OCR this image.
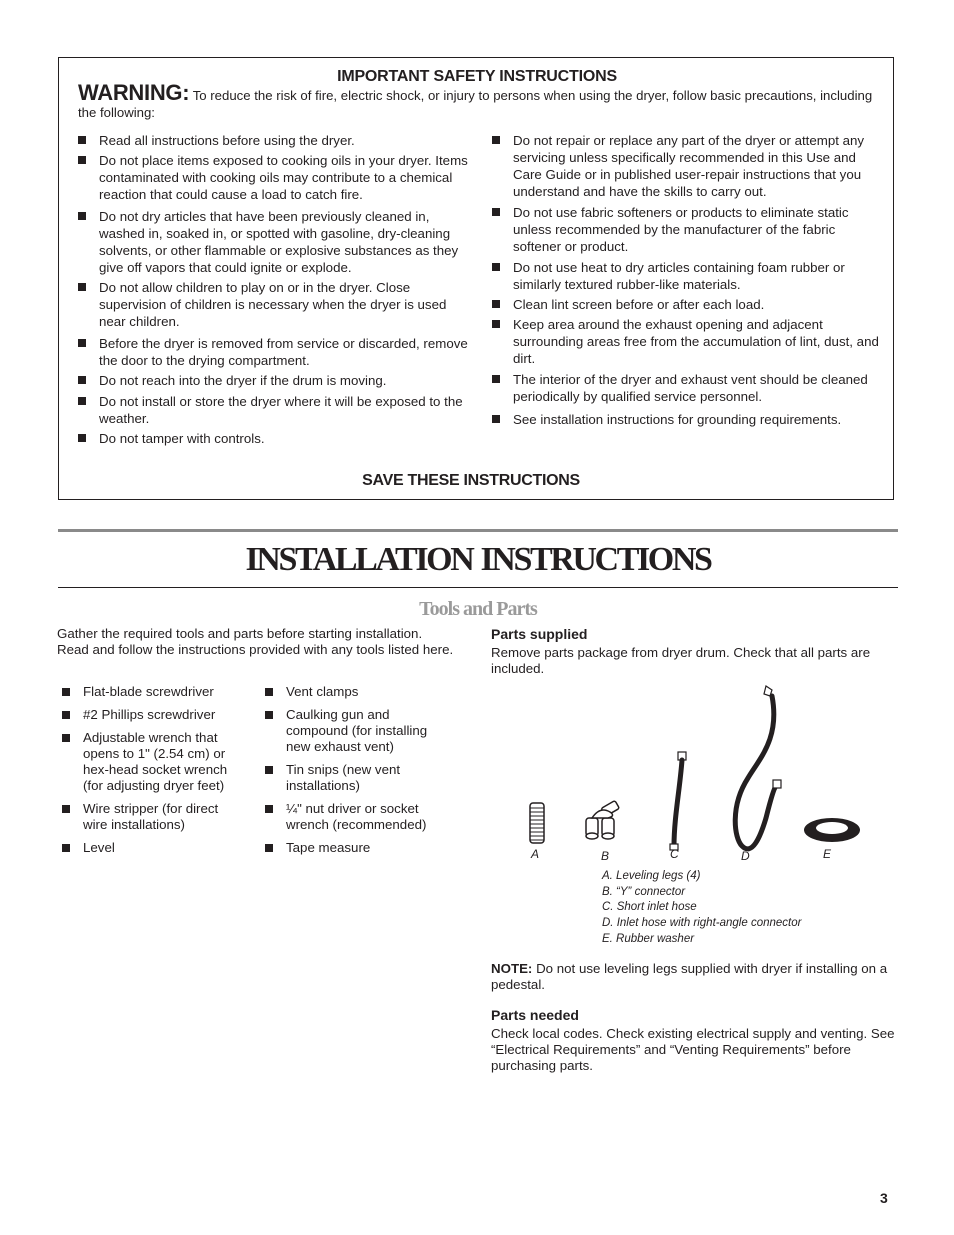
IMPORTANT SAFETY INSTRUCTIONS
WARNING: To reduce the risk of fire, electric shock, or injury to persons when using the dryer, follow basic precautions, including the following:
Read all instructions before using the dryer.
Do not place items exposed to cooking oils in your dryer. Items contaminated with cooking oils may contribute to a chemical reaction that could cause a load to catch fire.
Do not dry articles that have been previously cleaned in, washed in, soaked in, or spotted with gasoline, dry-cleaning solvents, or other flammable or explosive substances as they give off vapors that could ignite or explode.
Do not allow children to play on or in the dryer. Close supervision of children is necessary when the dryer is used near children.
Before the dryer is removed from service or discarded, remove the door to the drying compartment.
Do not reach into the dryer if the drum is moving.
Do not install or store the dryer where it will be exposed to the weather.
Do not tamper with controls.
Do not repair or replace any part of the dryer or attempt any servicing unless specifically recommended in this Use and Care Guide or in published user-repair instructions that you understand and have the skills to carry out.
Do not use fabric softeners or products to eliminate static unless recommended by the manufacturer of the fabric softener or product.
Do not use heat to dry articles containing foam rubber or similarly textured rubber-like materials.
Clean lint screen before or after each load.
Keep area around the exhaust opening and adjacent surrounding areas free from the accumulation of lint, dust, and dirt.
The interior of the dryer and exhaust vent should be cleaned periodically by qualified service personnel.
See installation instructions for grounding requirements.
SAVE THESE INSTRUCTIONS
INSTALLATION INSTRUCTIONS
Tools and Parts
Gather the required tools and parts before starting installation. Read and follow the instructions provided with any tools listed here.
Flat-blade screwdriver
#2 Phillips screwdriver
Adjustable wrench that opens to 1" (2.54 cm) or hex-head socket wrench (for adjusting dryer feet)
Wire stripper (for direct wire installations)
Level
Vent clamps
Caulking gun and compound (for installing new exhaust vent)
Tin snips (new vent installations)
¼" nut driver or socket wrench (recommended)
Tape measure
Parts supplied
Remove parts package from dryer drum. Check that all parts are included.
A	B	C	D	E
A. Leveling legs (4)
B. “Y” connector
C. Short inlet hose
D. Inlet hose with right-angle connector
E. Rubber washer
NOTE: Do not use leveling legs supplied with dryer if installing on a pedestal.
Parts needed
Check local codes. Check existing electrical supply and venting. See “Electrical Requirements” and “Venting Requirements” before purchasing parts.
3
